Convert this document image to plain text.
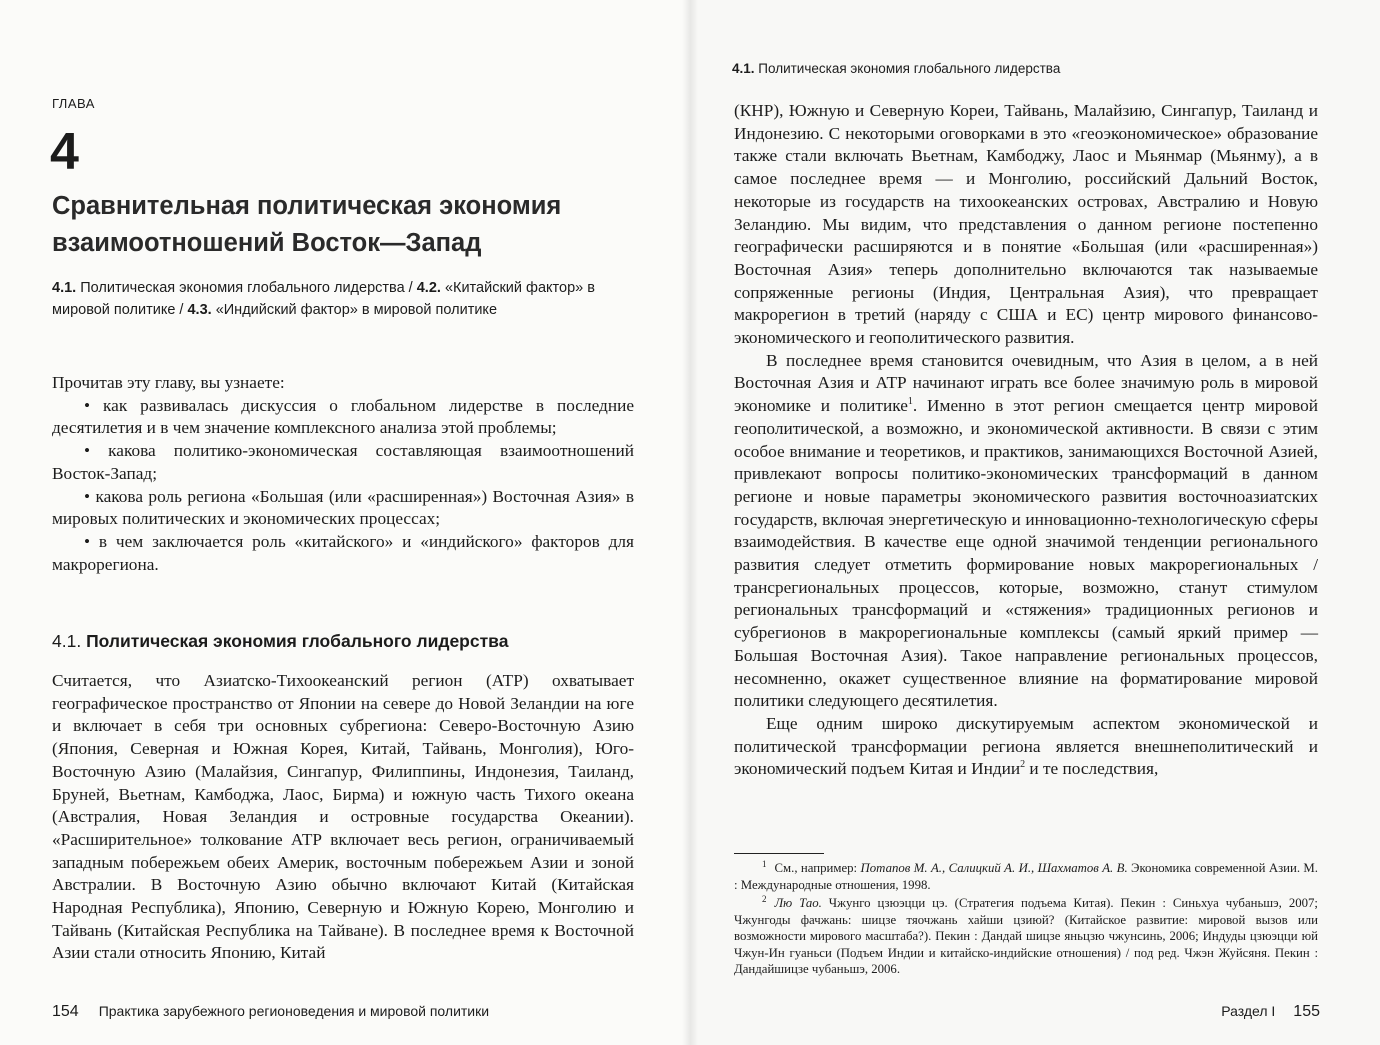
ГЛАВА
4
Сравнительная политическая экономия
взаимоотношений Восток—Запад
4.1. Политическая экономия глобального лидерства / 4.2. «Китайский фактор» в мировой политике / 4.3. «Индийский фактор» в мировой политике

Прочитав эту главу, вы узнаете:

• как развивалась дискуссия о глобальном лидерстве в последние десятилетия и в чем значение комплексного анализа этой проблемы;

• какова политико-экономическая составляющая взаимоотношений Восток-Запад;

• какова роль региона «Большая (или «расширенная») Восточная Азия» в мировых политических и экономических процессах;

• в чем заключается роль «китайского» и «индийского» факторов для макрорегиона.

4.1. Политическая экономия глобального лидерства

Считается, что Азиатско-Тихоокеанский регион (АТР) охватывает географическое пространство от Японии на севере до Новой Зеландии на юге и включает в себя три основных субрегиона: Северо-Восточную Азию (Япония, Северная и Южная Корея, Китай, Тайвань, Монголия), Юго-Восточную Азию (Малайзия, Сингапур, Филиппины, Индонезия, Таиланд, Бруней, Вьетнам, Камбоджа, Лаос, Бирма) и южную часть Тихого океана (Австралия, Новая Зеландия и островные государства Океании). «Расширительное» толкование АТР включает весь регион, ограничиваемый западным побережьем обеих Америк, восточным побережьем Азии и зоной Австралии. В Восточную Азию обычно включают Китай (Китайская Народная Республика), Японию, Северную и Южную Корею, Монголию и Тайвань (Китайская Республика на Тайване). В последнее время к Восточной Азии стали относить Японию, Китай

154 Практика зарубежного регионоведения и мировой политики
4.1. Политическая экономия глобального лидерства

(КНР), Южную и Северную Кореи, Тайвань, Малайзию, Сингапур, Таиланд и Индонезию. С некоторыми оговорками в это «геоэкономическое» образование также стали включать Вьетнам, Камбоджу, Лаос и Мьянмар (Мьянму), а в самое последнее время — и Монголию, российский Дальний Восток, некоторые из государств на тихоокеанских островах, Австралию и Новую Зеландию. Мы видим, что представления о данном регионе постепенно географически расширяются и в понятие «Большая (или «расширенная») Восточная Азия» теперь дополнительно включаются так называемые сопряженные регионы (Индия, Центральная Азия), что превращает макрорегион в третий (наряду с США и ЕС) центр мирового финансово-экономического и геополитического развития.

В последнее время становится очевидным, что Азия в целом, а в ней Восточная Азия и АТР начинают играть все более значимую роль в мировой экономике и политике$^1$. Именно в этот регион смещается центр мировой геополитической, а возможно, и экономической активности. В связи с этим особое внимание и теоретиков, и практиков, занимающихся Восточной Азией, привлекают вопросы политико-экономических трансформаций в данном регионе и новые параметры экономического развития восточноазиатских государств, включая энергетическую и инновационно-технологическую сферы взаимодействия. В качестве еще одной значимой тенденции регионального развития следует отметить формирование новых макрорегиональных / трансрегиональных процессов, которые, возможно, станут стимулом региональных трансформаций и «стяжения» традиционных регионов и субрегионов в макрорегиональные комплексы (самый яркий пример — Большая Восточная Азия). Такое направление региональных процессов, несомненно, окажет существенное влияние на форматирование мировой политики следующего десятилетия.

Еще одним широко дискутируемым аспектом экономической и политической трансформации региона является внешнеполитический и экономический подъем Китая и Индии$^2$ и те последствия,

$^1$ См., например: Потапов М. А., Салицкий А. И., Шахматов А. В. Экономика современной Азии. М. : Международные отношения, 1998.

$^2$ Лю Тао. Чжунго цзюэцци цэ. (Стратегия подъема Китая). Пекин : Синьхуа чубаньшэ, 2007; Чжунгоды фачжань: шицзе тяочжань хайши цзиюй? (Китайское развитие: мировой вызов или возможности мирового масштаба?). Пекин : Дандай шицзе яньцзю чжунсинь, 2006; Индуды цзюэцци юй Чжун-Ин гуаньси (Подъем Индии и китайско-индийские отношения) / под ред. Чжэн Жуйсяня. Пекин : Дандайшицзе чубаньшэ, 2006.

Раздел I 155
